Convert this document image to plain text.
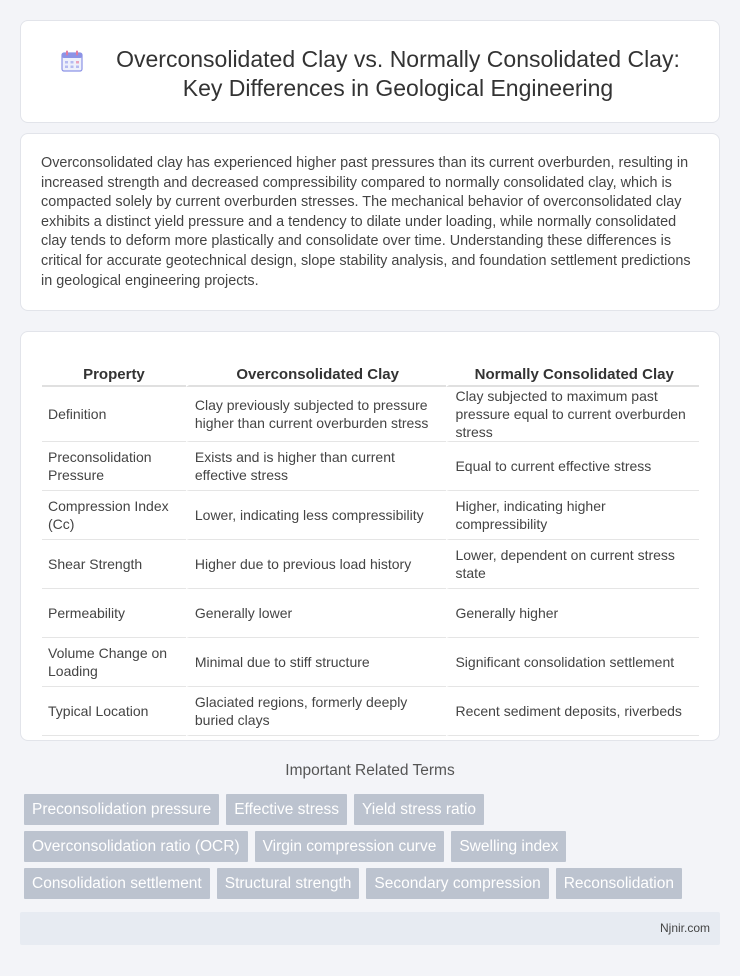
Overconsolidated Clay vs. Normally Consolidated Clay: Key Differences in Geological Engineering

Overconsolidated clay has experienced higher past pressures than its current overburden, resulting in increased strength and decreased compressibility compared to normally consolidated clay, which is compacted solely by current overburden stresses. The mechanical behavior of overconsolidated clay exhibits a distinct yield pressure and a tendency to dilate under loading, while normally consolidated clay tends to deform more plastically and consolidate over time. Understanding these differences is critical for accurate geotechnical design, slope stability analysis, and foundation settlement predictions in geological engineering projects.

Property	Overconsolidated Clay	Normally Consolidated Clay
Definition	Clay previously subjected to pressure higher than current overburden stress	Clay subjected to maximum past pressure equal to current overburden stress
Preconsolidation Pressure	Exists and is higher than current effective stress	Equal to current effective stress
Compression Index (Cc)	Lower, indicating less compressibility	Higher, indicating higher compressibility
Shear Strength	Higher due to previous load history	Lower, dependent on current stress state
Permeability	Generally lower	Generally higher
Volume Change on Loading	Minimal due to stiff structure	Significant consolidation settlement
Typical Location	Glaciated regions, formerly deeply buried clays	Recent sediment deposits, riverbeds
Important Related Terms
Preconsolidation pressure	Effective stress	Yield stress ratio
Overconsolidation ratio (OCR)	Virgin compression curve	Swelling index
Consolidation settlement	Structural strength	Secondary compression	Reconsolidation
Njnir.com
